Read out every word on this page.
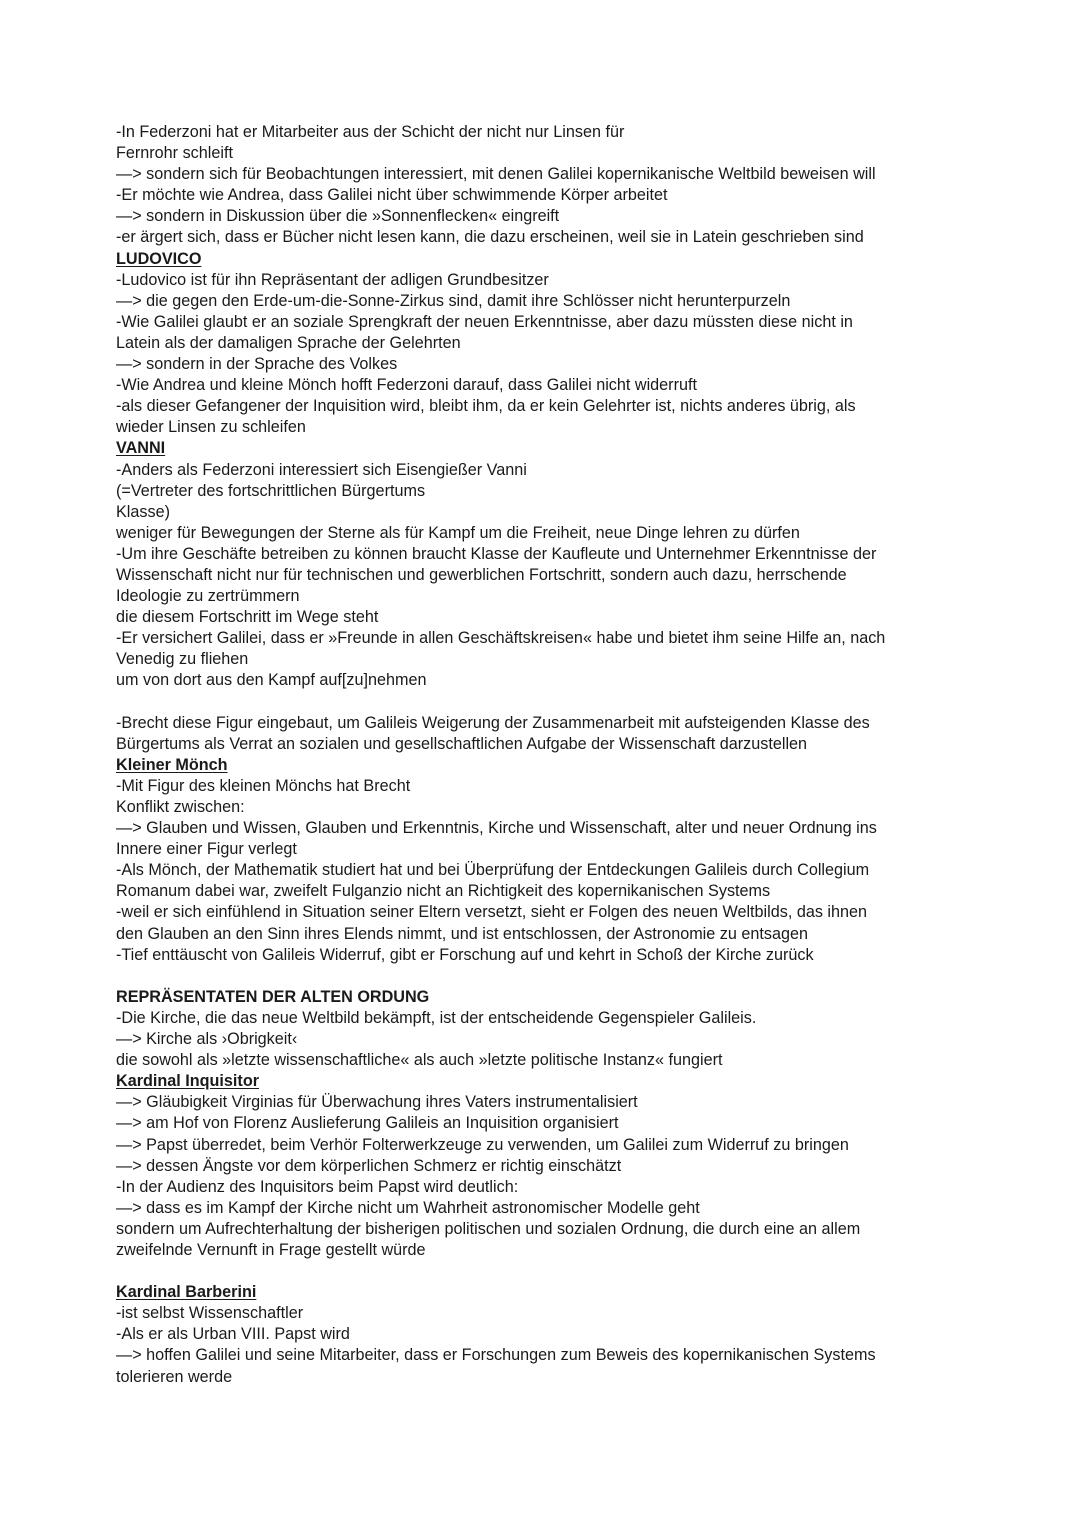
-In Federzoni hat er Mitarbeiter aus der Schicht der nicht nur Linsen für
Fernrohr schleift
—> sondern sich für Beobachtungen interessiert, mit denen Galilei kopernikanische Weltbild beweisen will
-Er möchte wie Andrea, dass Galilei nicht über schwimmende Körper arbeitet
—> sondern in Diskussion über die »Sonnenflecken« eingreift
-er ärgert sich, dass er Bücher nicht lesen kann, die dazu erscheinen, weil sie in Latein geschrieben sind
LUDOVICO
-Ludovico ist für ihn Repräsentant der adligen Grundbesitzer
—> die gegen den Erde-um-die-Sonne-Zirkus sind, damit ihre Schlösser nicht herunterpurzeln
-Wie Galilei glaubt er an soziale Sprengkraft der neuen Erkenntnisse, aber dazu müssten diese nicht in
Latein als der damaligen Sprache der Gelehrten
—> sondern in der Sprache des Volkes
-Wie Andrea und kleine Mönch hofft Federzoni darauf, dass Galilei nicht widerruft
-als dieser Gefangener der Inquisition wird, bleibt ihm, da er kein Gelehrter ist, nichts anderes übrig, als
wieder Linsen zu schleifen
VANNI
-Anders als Federzoni interessiert sich Eisengießer Vanni
(=Vertreter des fortschrittlichen Bürgertums
Klasse)
weniger für Bewegungen der Sterne als für Kampf um die Freiheit, neue Dinge lehren zu dürfen
-Um ihre Geschäfte betreiben zu können braucht Klasse der Kaufleute und Unternehmer Erkenntnisse der
Wissenschaft nicht nur für technischen und gewerblichen Fortschritt, sondern auch dazu, herrschende
Ideologie zu zertrümmern
die diesem Fortschritt im Wege steht
-Er versichert Galilei, dass er »Freunde in allen Geschäftskreisen« habe und bietet ihm seine Hilfe an, nach
Venedig zu fliehen
um von dort aus den Kampf auf[zu]nehmen
-Brecht diese Figur eingebaut, um Galileis Weigerung der Zusammenarbeit mit aufsteigenden Klasse des
Bürgertums als Verrat an sozialen und gesellschaftlichen Aufgabe der Wissenschaft darzustellen
Kleiner Mönch
-Mit Figur des kleinen Mönchs hat Brecht
Konflikt zwischen:
—> Glauben und Wissen, Glauben und Erkenntnis, Kirche und Wissenschaft, alter und neuer Ordnung ins
Innere einer Figur verlegt
-Als Mönch, der Mathematik studiert hat und bei Überprüfung der Entdeckungen Galileis durch Collegium
Romanum dabei war, zweifelt Fulganzio nicht an Richtigkeit des kopernikanischen Systems
-weil er sich einfühlend in Situation seiner Eltern versetzt, sieht er Folgen des neuen Weltbilds, das ihnen
den Glauben an den Sinn ihres Elends nimmt, und ist entschlossen, der Astronomie zu entsagen
-Tief enttäuscht von Galileis Widerruf, gibt er Forschung auf und kehrt in Schoß der Kirche zurück
REPRÄSENTATEN DER ALTEN ORDUNG
-Die Kirche, die das neue Weltbild bekämpft, ist der entscheidende Gegenspieler Galileis.
—> Kirche als ›Obrigkeit‹
die sowohl als »letzte wissenschaftliche« als auch »letzte politische Instanz« fungiert
Kardinal Inquisitor
—> Gläubigkeit Virginias für Überwachung ihres Vaters instrumentalisiert
—> am Hof von Florenz Auslieferung Galileis an Inquisition organisiert
—> Papst überredet, beim Verhör Folterwerkzeuge zu verwenden, um Galilei zum Widerruf zu bringen
—> dessen Ängste vor dem körperlichen Schmerz er richtig einschätzt
-In der Audienz des Inquisitors beim Papst wird deutlich:
—> dass es im Kampf der Kirche nicht um Wahrheit astronomischer Modelle geht
sondern um Aufrechterhaltung der bisherigen politischen und sozialen Ordnung, die durch eine an allem
zweifelnde Vernunft in Frage gestellt würde
Kardinal Barberini
-ist selbst Wissenschaftler
-Als er als Urban VIII. Papst wird
—> hoffen Galilei und seine Mitarbeiter, dass er Forschungen zum Beweis des kopernikanischen Systems
tolerieren werde
